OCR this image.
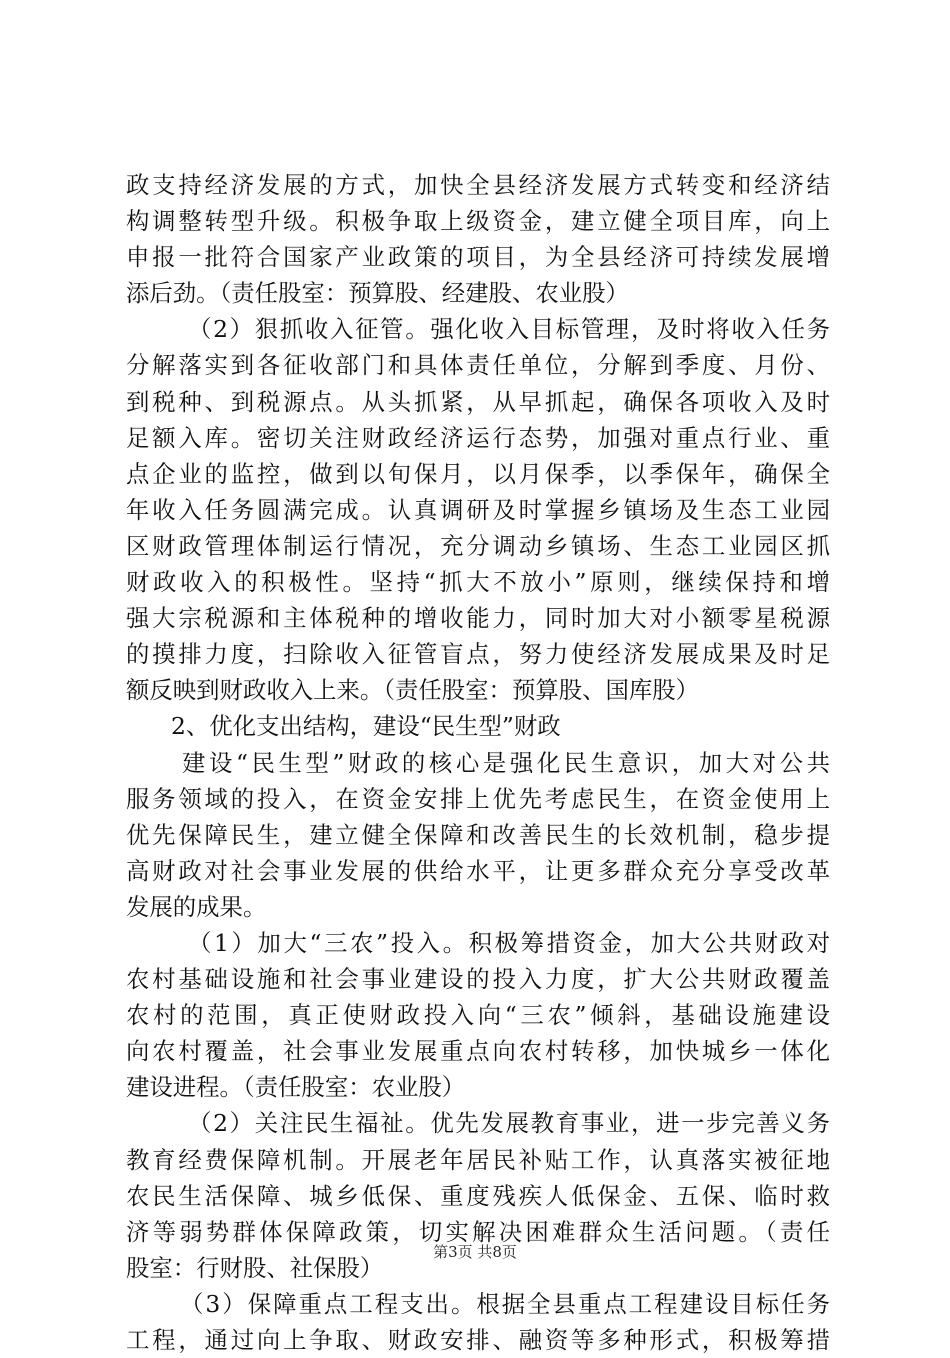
政支持经济发展的方式，加快全县经济发展方式转变和经济结
构调整转型升级。积极争取上级资金，建立健全项目库，向上
申报一批符合国家产业政策的项目，为全县经济可持续发展增
添后劲。（责任股室：预算股、经建股、农业股）
（2）狠抓收入征管。强化收入目标管理，及时将收入任务
分解落实到各征收部门和具体责任单位，分解到季度、月份、
到税种、到税源点。从头抓紧，从早抓起，确保各项收入及时
足额入库。密切关注财政经济运行态势，加强对重点行业、重
点企业的监控，做到以旬保月，以月保季，以季保年，确保全
年收入任务圆满完成。认真调研及时掌握乡镇场及生态工业园
区财政管理体制运行情况，充分调动乡镇场、生态工业园区抓
财政收入的积极性。坚持“抓大不放小”原则，继续保持和增
强大宗税源和主体税种的增收能力，同时加大对小额零星税源
的摸排力度，扫除收入征管盲点，努力使经济发展成果及时足
额反映到财政收入上来。（责任股室：预算股、国库股）
2、优化支出结构，建设“民生型”财政
建设“民生型”财政的核心是强化民生意识，加大对公共
服务领域的投入，在资金安排上优先考虑民生，在资金使用上
优先保障民生，建立健全保障和改善民生的长效机制，稳步提
高财政对社会事业发展的供给水平，让更多群众充分享受改革
发展的成果。
（1）加大“三农”投入。积极筹措资金，加大公共财政对
农村基础设施和社会事业建设的投入力度，扩大公共财政覆盖
农村的范围，真正使财政投入向“三农”倾斜，基础设施建设
向农村覆盖，社会事业发展重点向农村转移，加快城乡一体化
建设进程。（责任股室：农业股）
（2）关注民生福祉。优先发展教育事业，进一步完善义务
教育经费保障机制。开展老年居民补贴工作，认真落实被征地
农民生活保障、城乡低保、重度残疾人低保金、五保、临时救
济等弱势群体保障政策，切实解决困难群众生活问题。（责任
股室：行财股、社保股）
（3）保障重点工程支出。根据全县重点工程建设目标任务
工程，通过向上争取、财政安排、融资等多种形式，积极筹措
第3页 共8页
